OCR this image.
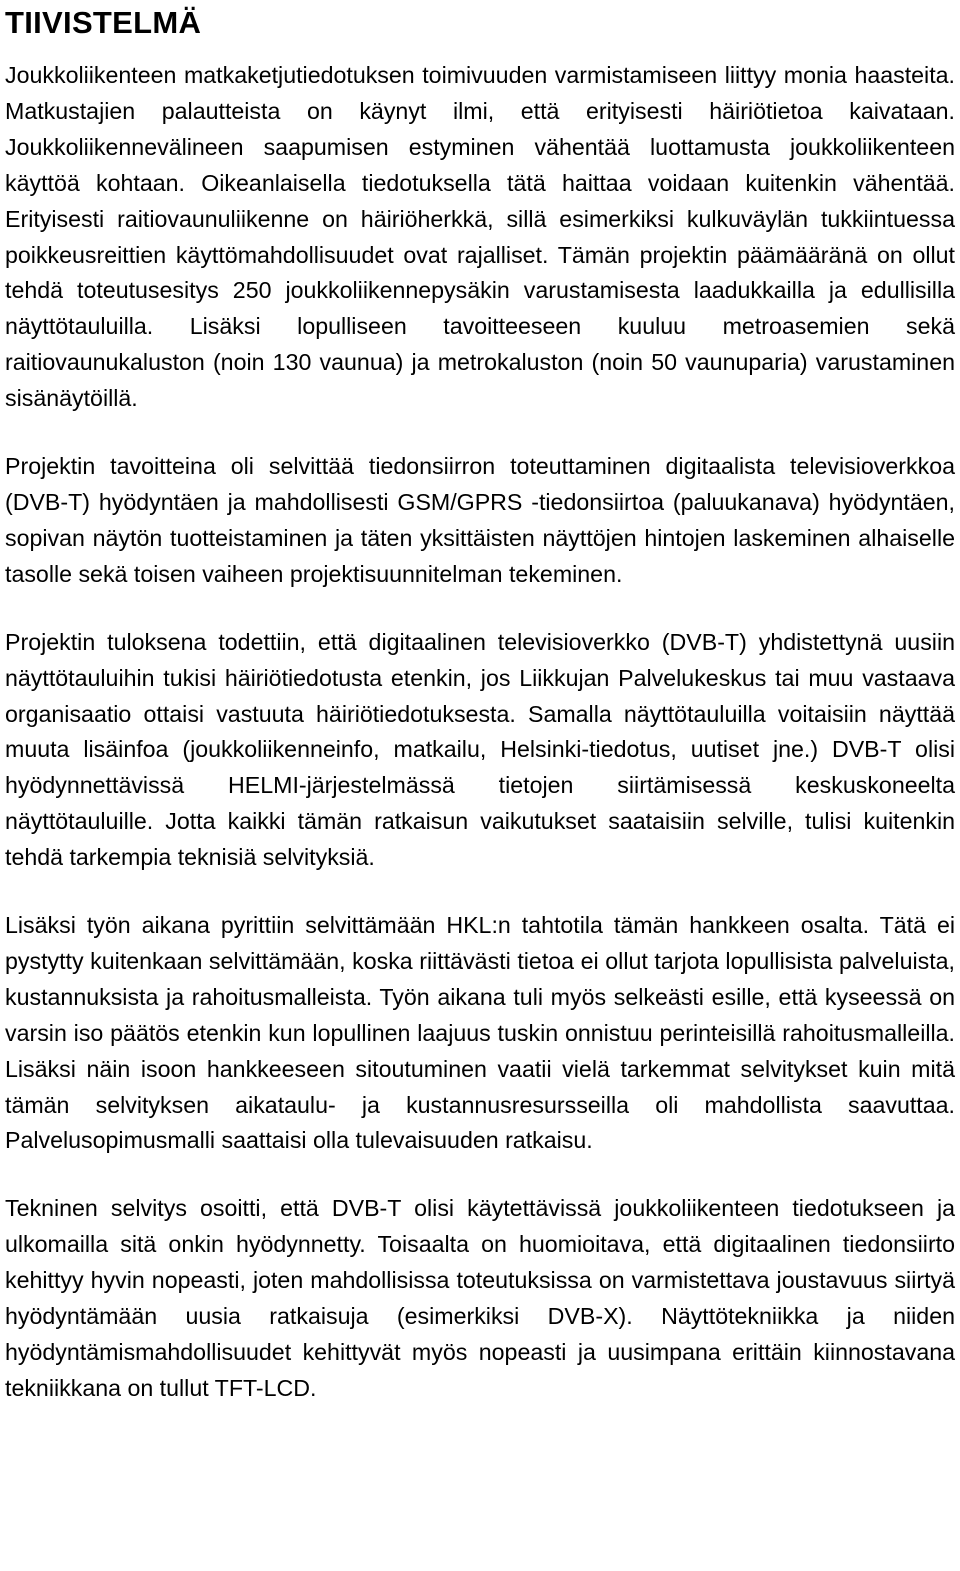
TIIVISTELMÄ

Joukkoliikenteen matkaketjutiedotuksen toimivuuden varmistamiseen liittyy monia haasteita. Matkustajien palautteista on käynyt ilmi, että erityisesti häiriötietoa kaivataan. Joukkoliikennevälineen saapumisen estyminen vähentää luottamusta joukkoliikenteen käyttöä kohtaan. Oikeanlaisella tiedotuksella tätä haittaa voidaan kuitenkin vähentää. Erityisesti raitiovaunuliikenne on häiriöherkkä, sillä esimerkiksi kulkuväylän tukkiintuessa poikkeusreittien käyttömahdollisuudet ovat rajalliset. Tämän projektin päämääränä on ollut tehdä toteutusesitys 250 joukkoliikennepysäkin varustamisesta laadukkailla ja edullisilla näyttötauluilla. Lisäksi lopulliseen tavoitteeseen kuuluu metroasemien sekä raitiovaunukaluston (noin 130 vaunua) ja metrokaluston (noin 50 vaunuparia) varustaminen sisänäytöillä.

Projektin tavoitteina oli selvittää tiedonsiirron toteuttaminen digitaalista televisioverkkoa (DVB-T) hyödyntäen ja mahdollisesti GSM/GPRS -tiedonsiirtoa (paluukanava) hyödyntäen, sopivan näytön tuotteistaminen ja täten yksittäisten näyttöjen hintojen laskeminen alhaiselle tasolle sekä toisen vaiheen projektisuunnitelman tekeminen.

Projektin tuloksena todettiin, että digitaalinen televisioverkko (DVB-T) yhdistettynä uusiin näyttötauluihin tukisi häiriötiedotusta etenkin, jos Liikkujan Palvelukeskus tai muu vastaava organisaatio ottaisi vastuuta häiriötiedotuksesta. Samalla näyttötauluilla voitaisiin näyttää muuta lisäinfoa (joukkoliikenneinfo, matkailu, Helsinki-tiedotus, uutiset jne.) DVB-T olisi hyödynnettävissä HELMI-järjestelmässä tietojen siirtämisessä keskuskoneelta näyttötauluille. Jotta kaikki tämän ratkaisun vaikutukset saataisiin selville, tulisi kuitenkin tehdä tarkempia teknisiä selvityksiä.

Lisäksi työn aikana pyrittiin selvittämään HKL:n tahtotila tämän hankkeen osalta. Tätä ei pystytty kuitenkaan selvittämään, koska riittävästi tietoa ei ollut tarjota lopullisista palveluista, kustannuksista ja rahoitusmalleista. Työn aikana tuli myös selkeästi esille, että kyseessä on varsin iso päätös etenkin kun lopullinen laajuus tuskin onnistuu perinteisillä rahoitusmalleilla. Lisäksi näin isoon hankkeeseen sitoutuminen vaatii vielä tarkemmat selvitykset kuin mitä tämän selvityksen aikataulu- ja kustannusresursseilla oli mahdollista saavuttaa. Palvelusopimusmalli saattaisi olla tulevaisuuden ratkaisu.

Tekninen selvitys osoitti, että DVB-T olisi käytettävissä joukkoliikenteen tiedotukseen ja ulkomailla sitä onkin hyödynnetty. Toisaalta on huomioitava, että digitaalinen tiedonsiirto kehittyy hyvin nopeasti, joten mahdollisissa toteutuksissa on varmistettava joustavuus siirtyä hyödyntämään uusia ratkaisuja (esimerkiksi DVB-X). Näyttötekniikka ja niiden hyödyntämismahdollisuudet kehittyvät myös nopeasti ja uusimpana erittäin kiinnostavana tekniikkana on tullut TFT-LCD.
